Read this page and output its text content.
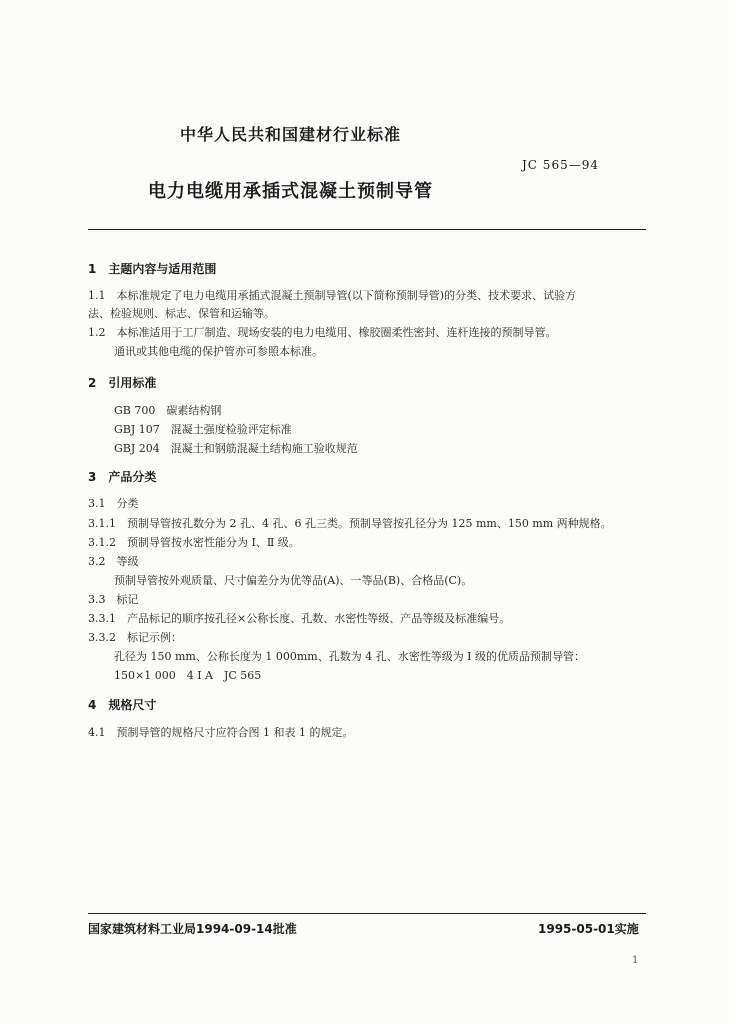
中华人民共和国建材行业标准
JC 565—94
电力电缆用承插式混凝土预制导管
1　主题内容与适用范围
1.1　本标准规定了电力电缆用承插式混凝土预制导管(以下简称预制导管)的分类、技术要求、试验方
法、检验规则、标志、保管和运输等。
1.2　本标准适用于工厂制造、现场安装的电力电缆用、橡胶圈柔性密封、连杆连接的预制导管。
通讯或其他电缆的保护管亦可参照本标准。
2　引用标准
GB 700　碳素结构钢
GBJ 107　混凝土强度检验评定标准
GBJ 204　混凝土和钢筋混凝土结构施工验收规范
3　产品分类
3.1　分类
3.1.1　预制导管按孔数分为 2 孔、4 孔、6 孔三类。预制导管按孔径分为 125 mm、150 mm 两种规格。
3.1.2　预制导管按水密性能分为 Ⅰ、Ⅱ 级。
3.2　等级
预制导管按外观质量、尺寸偏差分为优等品(A)、一等品(B)、合格品(C)。
3.3　标记
3.3.1　产品标记的顺序按孔径×公称长度、孔数、水密性等级、产品等级及标准编号。
3.3.2　标记示例：
孔径为 150 mm、公称长度为 1 000mm、孔数为 4 孔、水密性等级为 Ⅰ 级的优质品预制导管：
150×1 000　4 Ⅰ A　JC 565
4　规格尺寸
4.1　预制导管的规格尺寸应符合图 1 和表 1 的规定。
国家建筑材料工业局1994-09-14批准	1995-05-01实施
1
